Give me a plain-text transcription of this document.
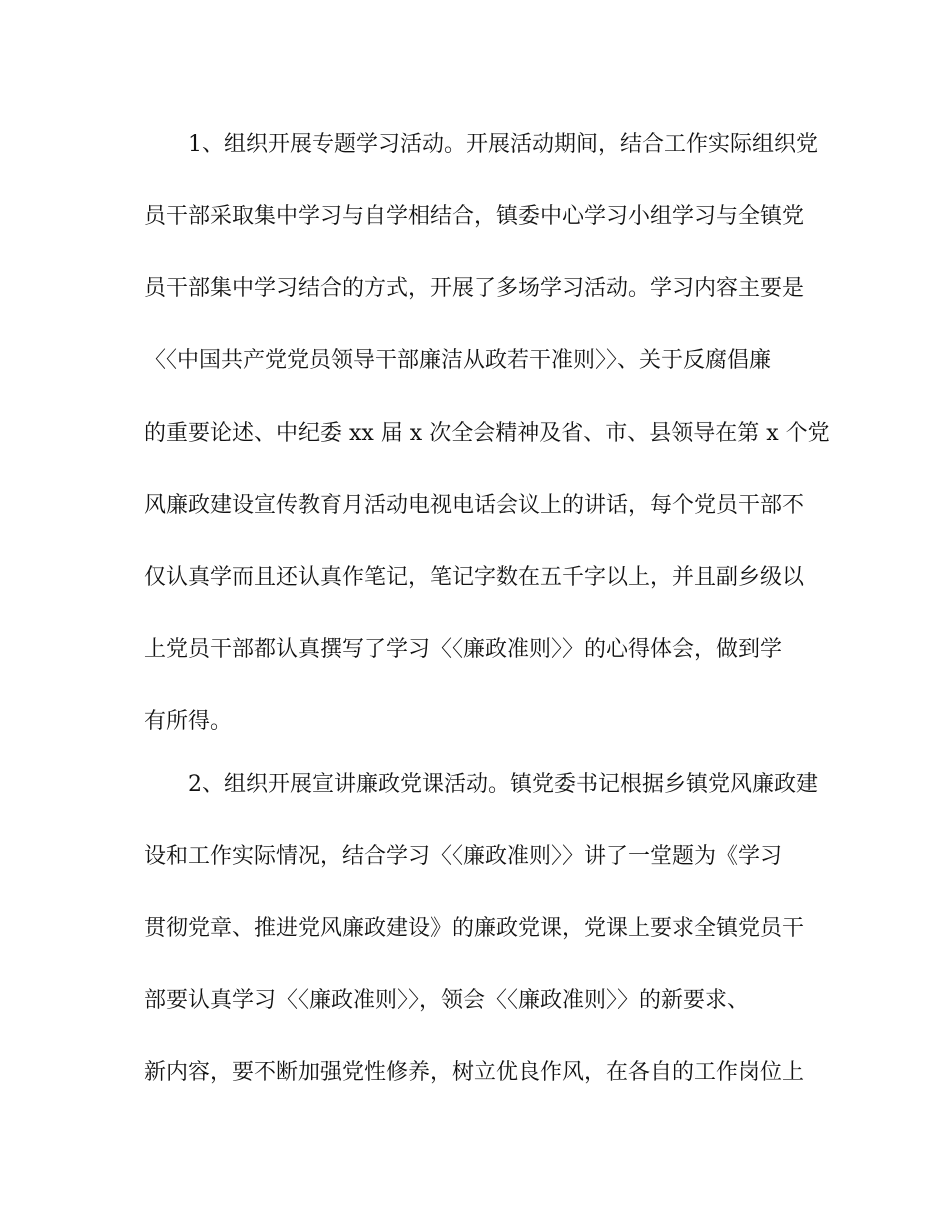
1、组织开展专题学习活动。开展活动期间，结合工作实际组织党
员干部采取集中学习与自学相结合，镇委中心学习小组学习与全镇党
员干部集中学习结合的方式，开展了多场学习活动。学习内容主要是
〈〈中国共产党党员领导干部廉洁从政若干准则〉〉、关于反腐倡廉
的重要论述、中纪委 xx 届 x 次全会精神及省、市、县领导在第 x 个党
风廉政建设宣传教育月活动电视电话会议上的讲话，每个党员干部不
仅认真学而且还认真作笔记，笔记字数在五千字以上，并且副乡级以
上党员干部都认真撰写了学习〈〈廉政准则〉〉的心得体会，做到学
有所得。
2、组织开展宣讲廉政党课活动。镇党委书记根据乡镇党风廉政建
设和工作实际情况，结合学习〈〈廉政准则〉〉讲了一堂题为《学习
贯彻党章、推进党风廉政建设》的廉政党课，党课上要求全镇党员干
部要认真学习〈〈廉政准则〉〉，领会〈〈廉政准则〉〉的新要求、
新内容，要不断加强党性修养，树立优良作风，在各自的工作岗位上
